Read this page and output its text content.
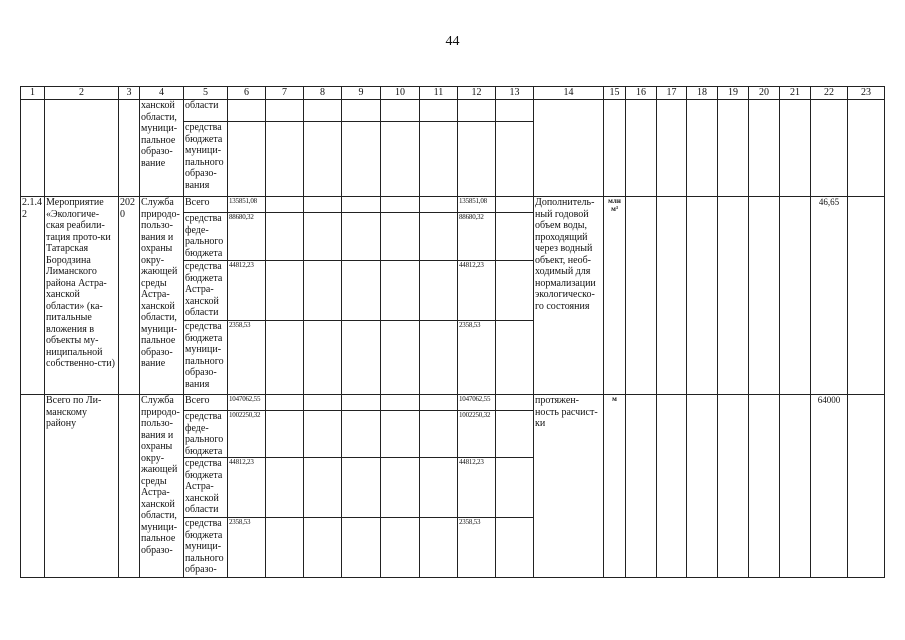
44
1	2	3	4	5	6	7	8	9	10	11	12	13	14	15	16	17	18	19	20	21	22	23
			ханской области, муници-пальное образо-вание	области																		
				средства бюджета муници-пального образо-вания																		
2.1.42	Мероприятие «Экологиче-ская реабили-тация прото-ки Татарская Бородзина Лиманского района Астра-ханской области» (ка-питальные вложения в объекты му-ниципальной собственно-сти)	2020	Служба природо-пользо-вания и охраны окру-жающей среды Астра-ханской области, муници-пальное образо-вание	Всего	135851,08						135851,08		Дополнитель-ный годовой объем воды, проходящий через водный объект, необ-ходимый для нормализации экологическо-го состояния	млн м³							46,65	
				средства феде-рального бюджета	88680,32						88680,32											
				средства бюджета Астра-ханской области	44812,23						44812,23											
				средства бюджета муници-пального образо-вания	2358,53						2358,53											
	Всего по Ли-манскому району		Служба природо-пользо-вания и охраны окру-жающей среды Астра-ханской области, муници-пальное образо-	Всего	1047062,55						1047062,55		протяжен-ность расчист-ки	м							64000	
				средства феде-рального бюджета	1002250,32						1002250,32											
				средства бюджета Астра-ханской области	44812,23						44812,23											
				средства бюджета муници-пального образо-	2358,53						2358,53											
